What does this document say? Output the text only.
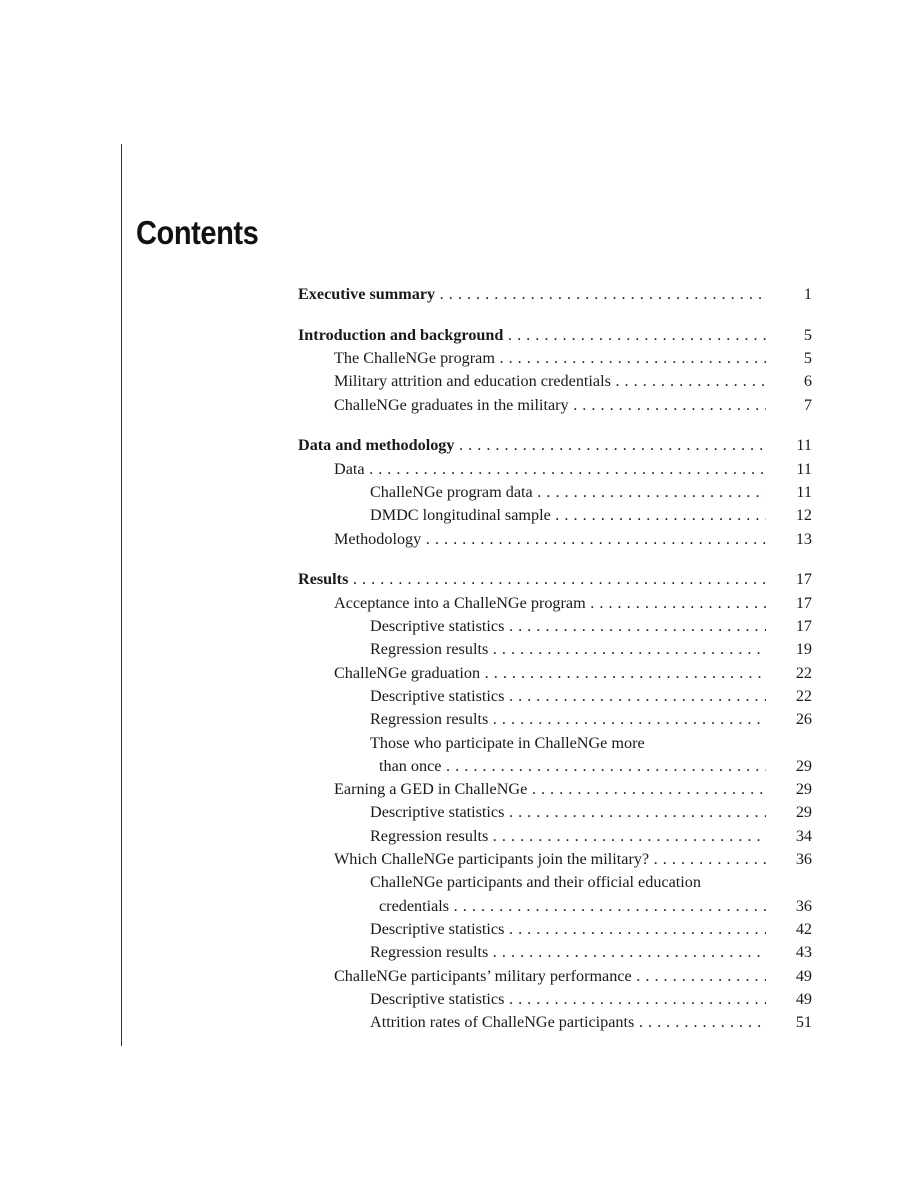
Contents
Executive summary . . .	1
Introduction and background . . .	5
The ChalleNGe program . . .	5
Military attrition and education credentials . . .	6
ChalleNGe graduates in the military . . .	7
Data and methodology . . .	11
Data . . .	11
ChalleNGe program data . . .	11
DMDC longitudinal sample . . .	12
Methodology . . .	13
Results . . .	17
Acceptance into a ChalleNGe program . . .	17
Descriptive statistics . . .	17
Regression results . . .	19
ChalleNGe graduation . . .	22
Descriptive statistics . . .	22
Regression results . . .	26
Those who participate in ChalleNGe more
than once . . .	29
Earning a GED in ChalleNGe . . .	29
Descriptive statistics . . .	29
Regression results . . .	34
Which ChalleNGe participants join the military? . . .	36
ChalleNGe participants and their official education
credentials . . .	36
Descriptive statistics . . .	42
Regression results . . .	43
ChalleNGe participants’ military performance . . .	49
Descriptive statistics . . .	49
Attrition rates of ChalleNGe participants . . .	51
